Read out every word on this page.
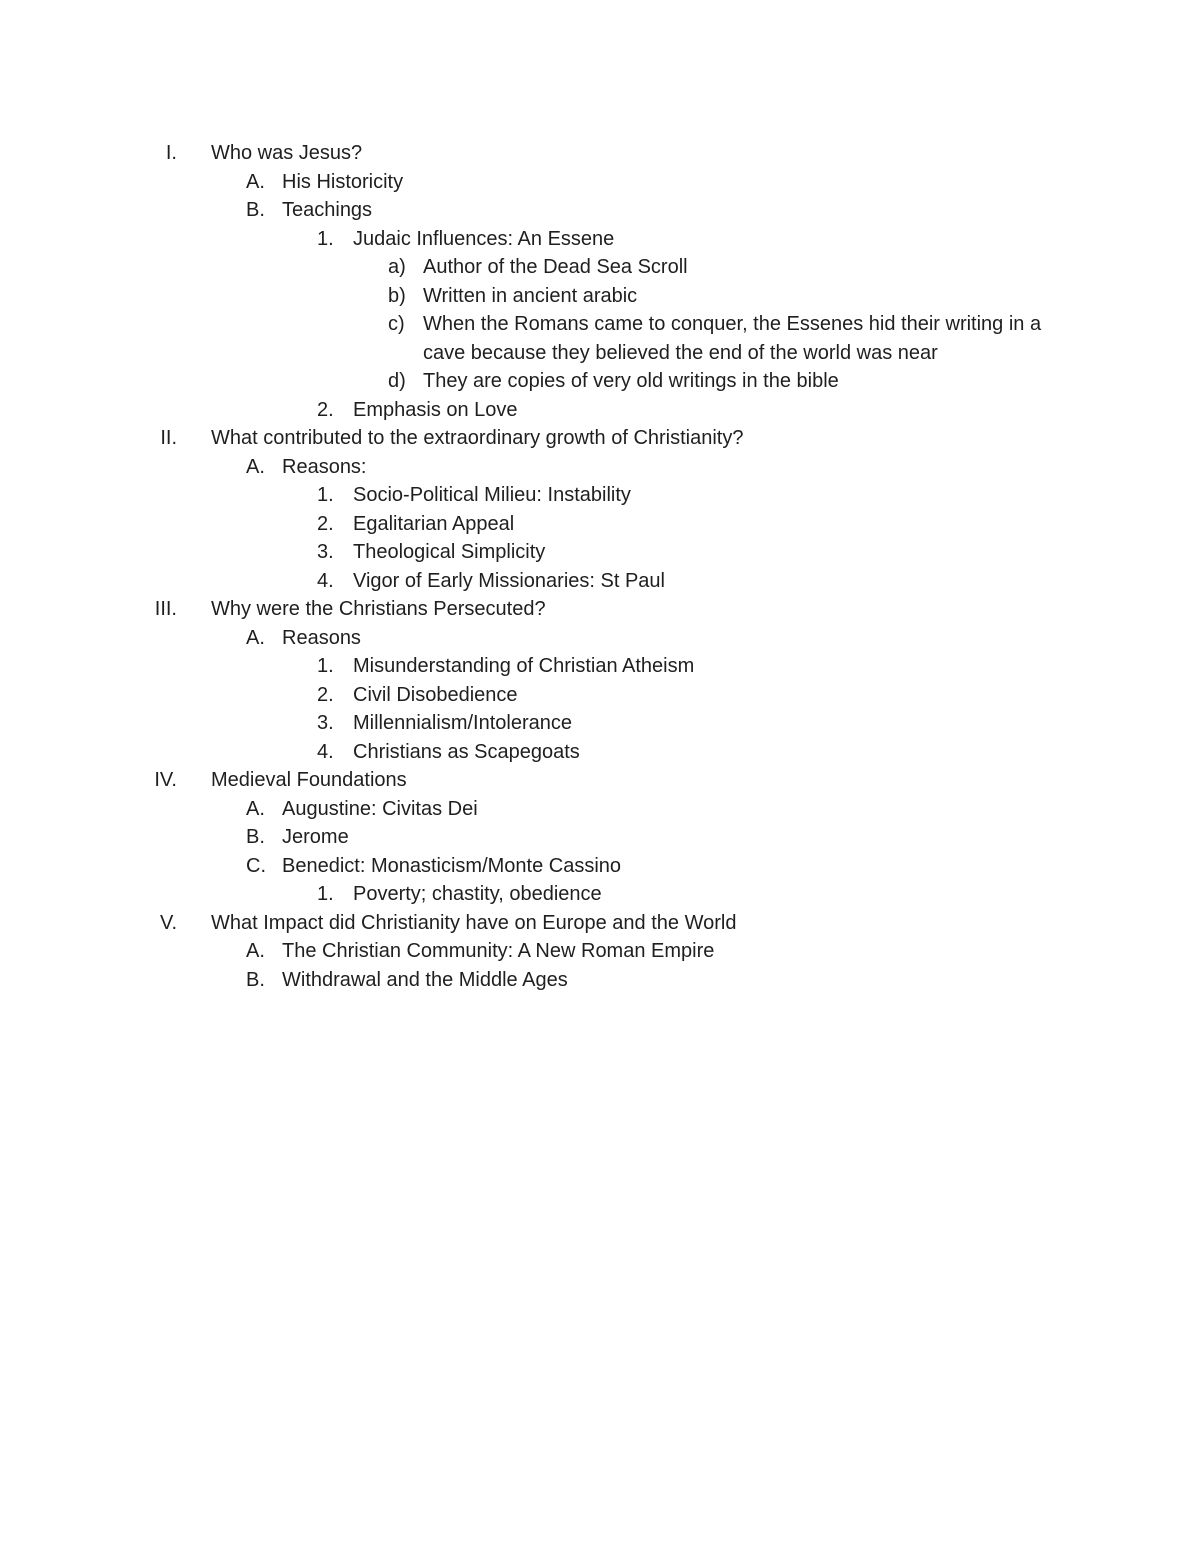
I. Who was Jesus?
A. His Historicity
B. Teachings
1. Judaic Influences: An Essene
a) Author of the Dead Sea Scroll
b) Written in ancient arabic
c) When the Romans came to conquer, the Essenes hid their writing in a cave because they believed the end of the world was near
d) They are copies of very old writings in the bible
2. Emphasis on Love
II. What contributed to the extraordinary growth of Christianity?
A. Reasons:
1. Socio-Political Milieu: Instability
2. Egalitarian Appeal
3. Theological Simplicity
4. Vigor of Early Missionaries: St Paul
III. Why were the Christians Persecuted?
A. Reasons
1. Misunderstanding of Christian Atheism
2. Civil Disobedience
3. Millennialism/Intolerance
4. Christians as Scapegoats
IV. Medieval Foundations
A. Augustine: Civitas Dei
B. Jerome
C. Benedict: Monasticism/Monte Cassino
1. Poverty; chastity, obedience
V. What Impact did Christianity have on Europe and the World
A. The Christian Community: A New Roman Empire
B. Withdrawal and the Middle Ages
